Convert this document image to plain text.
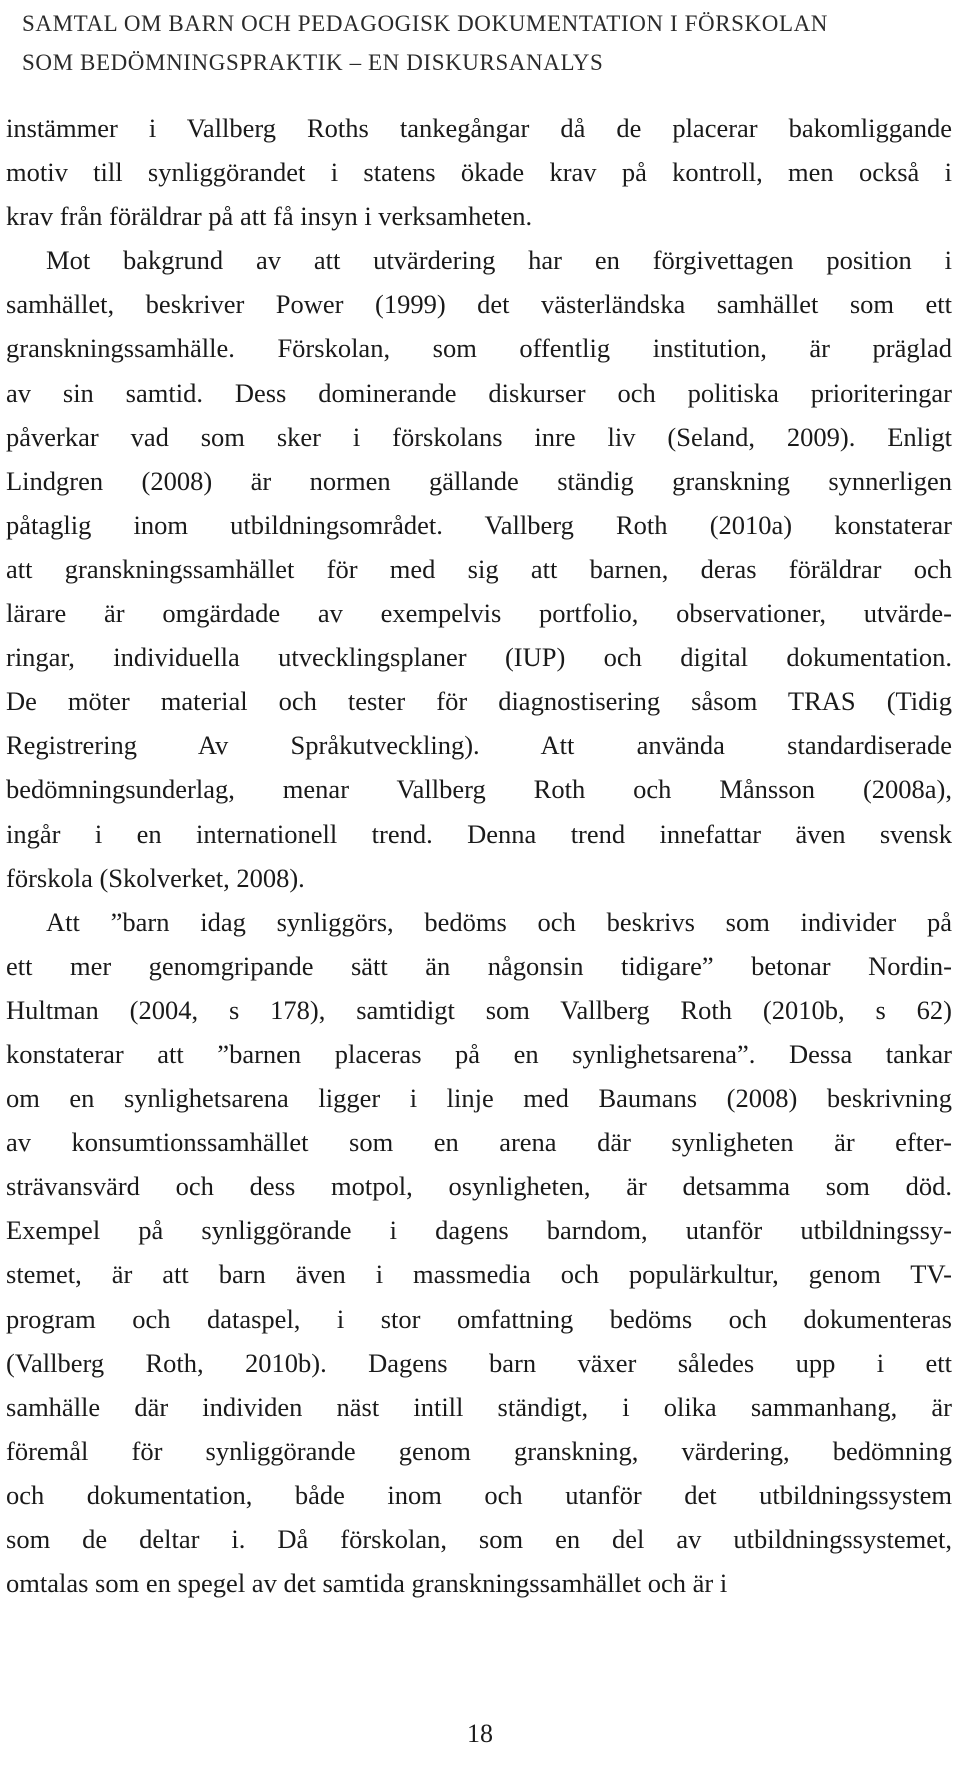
SAMTAL OM BARN OCH PEDAGOGISK DOKUMENTATION I FÖRSKOLAN
SOM BEDÖMNINGSPRAKTIK – EN DISKURSANALYS
instämmer i Vallberg Roths tankegångar då de placerar bakomliggande
motiv till synliggörandet i statens ökade krav på kontroll, men också i
krav från föräldrar på att få insyn i verksamheten.
Mot bakgrund av att utvärdering har en förgivettagen position i
samhället, beskriver Power (1999) det västerländska samhället som ett
granskningssamhälle. Förskolan, som offentlig institution, är präglad
av sin samtid. Dess dominerande diskurser och politiska prioriteringar
påverkar vad som sker i förskolans inre liv (Seland, 2009). Enligt
Lindgren (2008) är normen gällande ständig granskning synnerligen
påtaglig inom utbildningsområdet. Vallberg Roth (2010a) konstaterar
att granskningssamhället för med sig att barnen, deras föräldrar och
lärare är omgärdade av exempelvis portfolio, observationer, utvärde-
ringar, individuella utvecklingsplaner (IUP) och digital dokumentation.
De möter material och tester för diagnostisering såsom TRAS (Tidig
Registrering Av Språkutveckling). Att använda standardiserade
bedömningsunderlag, menar Vallberg Roth och Månsson (2008a),
ingår i en internationell trend. Denna trend innefattar även svensk
förskola (Skolverket, 2008).
Att ”barn idag synliggörs, bedöms och beskrivs som individer på
ett mer genomgripande sätt än någonsin tidigare” betonar Nordin-
Hultman (2004, s 178), samtidigt som Vallberg Roth (2010b, s 62)
konstaterar att ”barnen placeras på en synlighetsarena”. Dessa tankar
om en synlighetsarena ligger i linje med Baumans (2008) beskrivning
av konsumtionssamhället som en arena där synligheten är efter-
strävansvärd och dess motpol, osynligheten, är detsamma som död.
Exempel på synliggörande i dagens barndom, utanför utbildningssy-
stemet, är att barn även i massmedia och populärkultur, genom TV-
program och dataspel, i stor omfattning bedöms och dokumenteras
(Vallberg Roth, 2010b). Dagens barn växer således upp i ett
samhälle där individen näst intill ständigt, i olika sammanhang, är
föremål för synliggörande genom granskning, värdering, bedömning
och dokumentation, både inom och utanför det utbildningssystem
som de deltar i. Då förskolan, som en del av utbildningssystemet,
omtalas som en spegel av det samtida granskningssamhället och är i
18
